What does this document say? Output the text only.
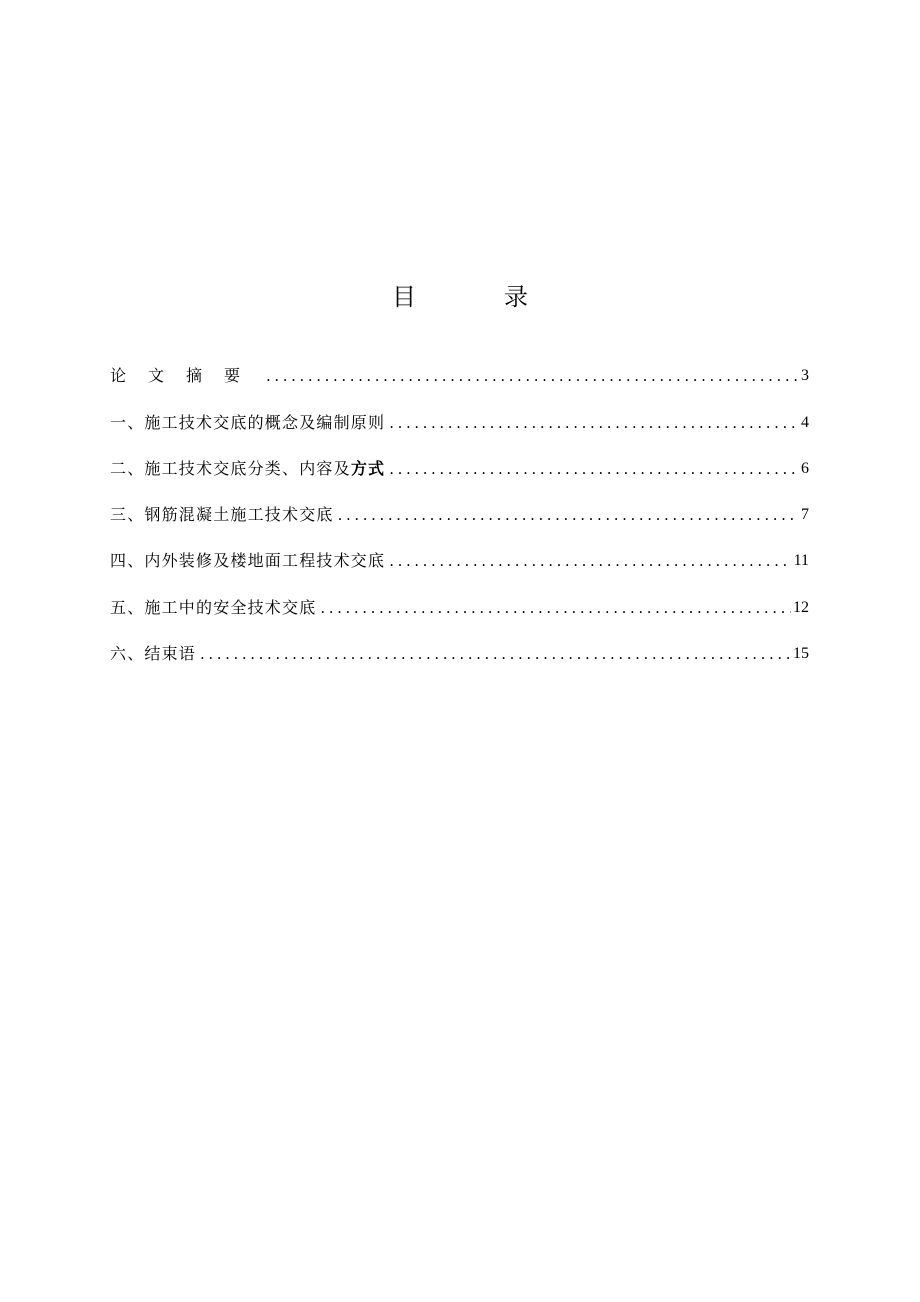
目	录
论文摘要 .....	3
一、施工技术交底的概念及编制原则 .....	4
二、施工技术交底分类、内容及方式 .....	6
三、钢筋混凝土施工技术交底 .....	7
四、内外装修及楼地面工程技术交底 .....	11
五、施工中的安全技术交底 .....	12
六、结束语 .....	15
